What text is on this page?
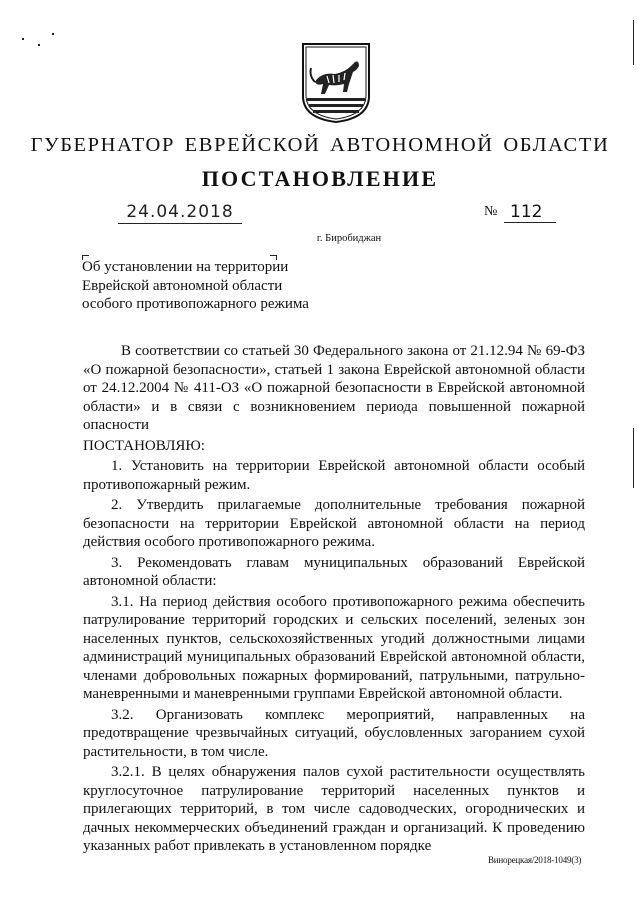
ГУБЕРНАТОР ЕВРЕЙСКОЙ АВТОНОМНОЙ ОБЛАСТИ
ПОСТАНОВЛЕНИЕ
24.04.2018	№ 112
г. Биробиджан
Об установлении на территории
Еврейской автономной области
особого противопожарного режима
В соответствии со статьей 30 Федерального закона от 21.12.94 № 69-ФЗ «О пожарной безопасности», статьей 1 закона Еврейской автономной области от 24.12.2004 № 411-ОЗ «О пожарной безопасности в Еврейской автономной области» и в связи с возникновением периода повышенной пожарной опасности
ПОСТАНОВЛЯЮ:
1. Установить на территории Еврейской автономной области особый противопожарный режим.
2. Утвердить прилагаемые дополнительные требования пожарной безопасности на территории Еврейской автономной области на период действия особого противопожарного режима.
3. Рекомендовать главам муниципальных образований Еврейской автономной области:
3.1. На период действия особого противопожарного режима обеспечить патрулирование территорий городских и сельских поселений, зеленых зон населенных пунктов, сельскохозяйственных угодий должностными лицами администраций муниципальных образований Еврейской автономной области, членами добровольных пожарных формирований, патрульными, патрульно-маневренными и маневренными группами Еврейской автономной области.
3.2. Организовать комплекс мероприятий, направленных на предотвращение чрезвычайных ситуаций, обусловленных загоранием сухой растительности, в том числе.
3.2.1. В целях обнаружения палов сухой растительности осуществлять круглосуточное патрулирование территорий населенных пунктов и прилегающих территорий, в том числе садоводческих, огороднических и дачных некоммерческих объединений граждан и организаций. К проведению указанных работ привлекать в установленном порядке
Винорецкая/2018-1049(3)
